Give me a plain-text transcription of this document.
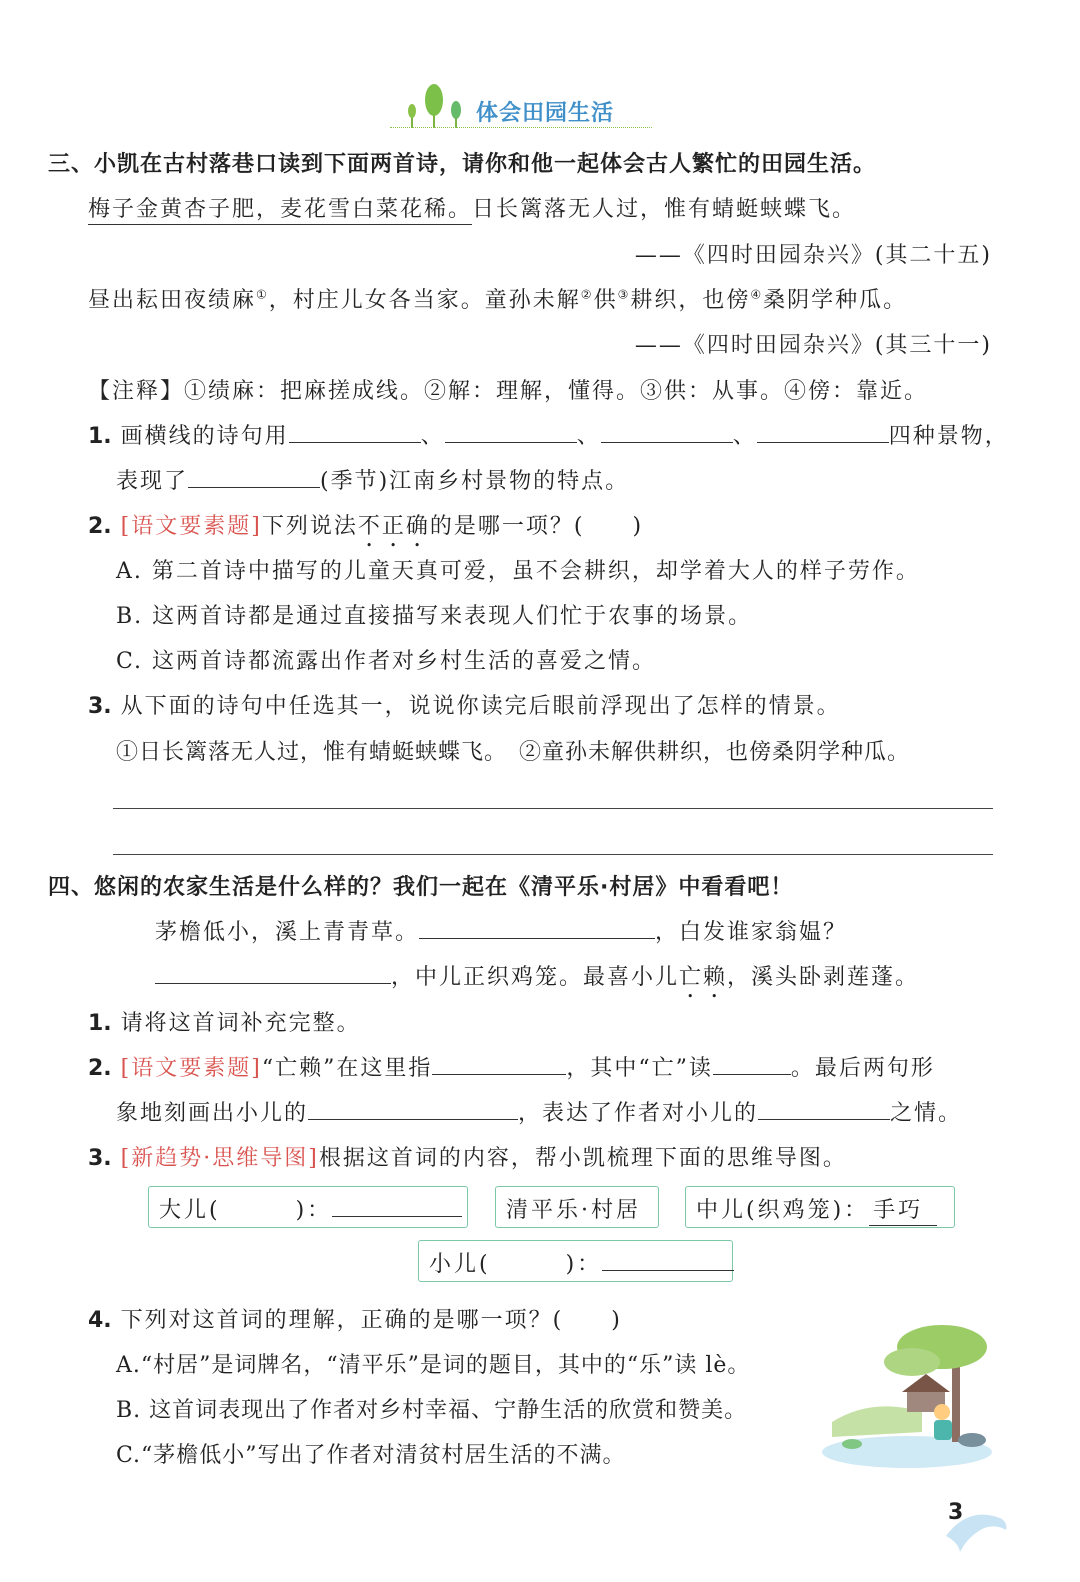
体会田园生活
三、小凯在古村落巷口读到下面两首诗，请你和他一起体会古人繁忙的田园生活。
梅子金黄杏子肥，麦花雪白菜花稀。日长篱落无人过，惟有蜻蜓蛱蝶飞。
——《四时田园杂兴》(其二十五)
昼出耘田夜绩麻①，村庄儿女各当家。童孙未解②供③耕织，也傍④桑阴学种瓜。
——《四时田园杂兴》(其三十一)
【注释】①绩麻：把麻搓成线。②解：理解，懂得。③供：从事。④傍：靠近。
1. 画横线的诗句用	、	、	、	四种景物，
表现了	(季节)江南乡村景物的特点。
2. [语文要素题]下列说法不正确的是哪一项？(　　)
A. 第二首诗中描写的儿童天真可爱，虽不会耕织，却学着大人的样子劳作。
B. 这两首诗都是通过直接描写来表现人们忙于农事的场景。
C. 这两首诗都流露出作者对乡村生活的喜爱之情。
3. 从下面的诗句中任选其一，说说你读完后眼前浮现出了怎样的情景。
①日长篱落无人过，惟有蜻蜓蛱蝶飞。　②童孙未解供耕织，也傍桑阴学种瓜。
四、悠闲的农家生活是什么样的？我们一起在《清平乐·村居》中看看吧！
茅檐低小，溪上青青草。	，白发谁家翁媪？
，中儿正织鸡笼。最喜小儿亡赖，溪头卧剥莲蓬。
1. 请将这首词补充完整。
2. [语文要素题]“亡赖”在这里指	，其中“亡”读	。最后两句形
象地刻画出小儿的	，表达了作者对小儿的	之情。
3. [新趋势·思维导图]根据这首词的内容，帮小凯梳理下面的思维导图。
大儿(　　　)：	清平乐·村居	中儿(织鸡笼)： 手巧
小儿(　　　)：
4. 下列对这首词的理解，正确的是哪一项？(　　)
A.“村居”是词牌名，“清平乐”是词的题目，其中的“乐”读 lè。
B. 这首词表现出了作者对乡村幸福、宁静生活的欣赏和赞美。
C.“茅檐低小”写出了作者对清贫村居生活的不满。
3
